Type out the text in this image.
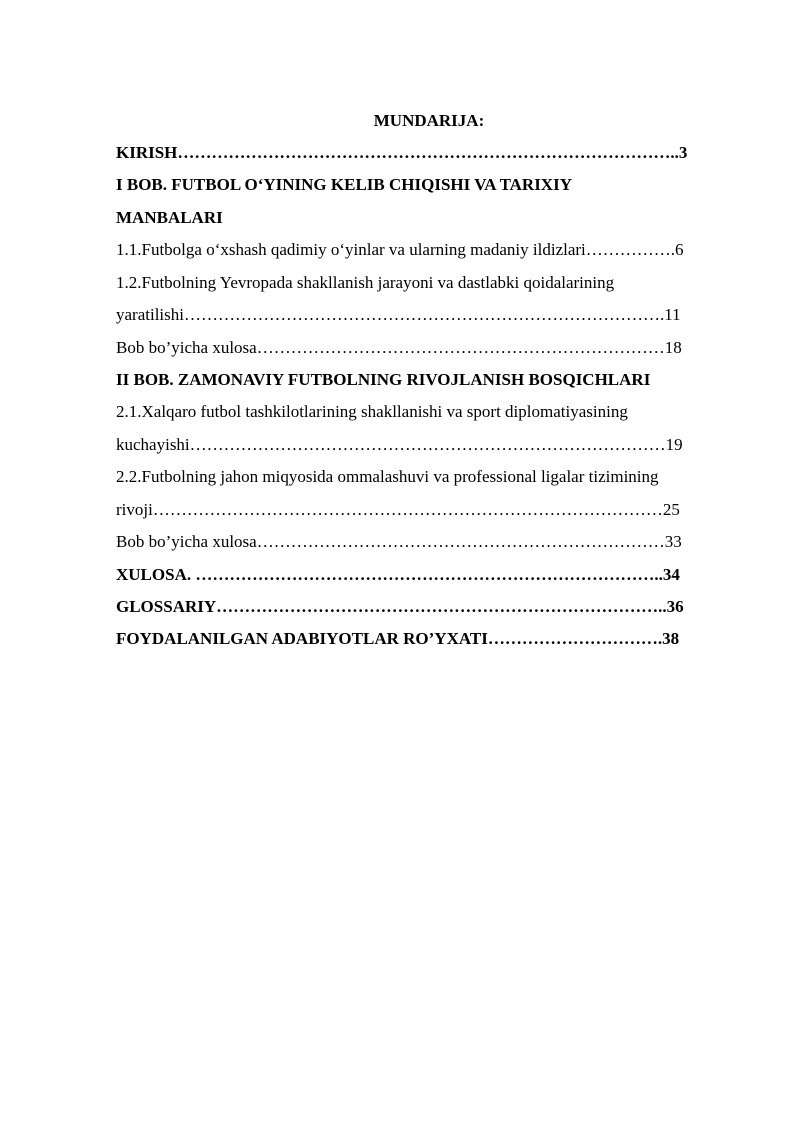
MUNDARIJA:
KIRISH……………………………………………………………………………..3
I BOB. FUTBOL O‘YINING KELIB CHIQISHI VA TARIXIY
MANBALARI
1.1.Futbolga o‘xshash qadimiy o‘yinlar va ularning madaniy ildizlari…………….6
1.2.Futbolning Yevropada shakllanish jarayoni va dastlabki qoidalarining
yaratilishi………………………………………………………………………….11
Bob bo’yicha xulosa………………………………………………………………18
II BOB. ZAMONAVIY FUTBOLNING RIVOJLANISH BOSQICHLARI
2.1.Xalqaro futbol tashkilotlarining shakllanishi va sport diplomatiyasining
kuchayishi…………………………………………………………………………19
2.2.Futbolning jahon miqyosida ommalashuvi va professional ligalar tizimining
rivoji………………………………………………………………………………25
Bob bo’yicha xulosa………………………………………………………………33
XULOSA. ………………………………………………………………………..34
GLOSSARIY……………………………………………………………………..36
FOYDALANILGAN ADABIYOTLAR RO’YXATI………………………….38
